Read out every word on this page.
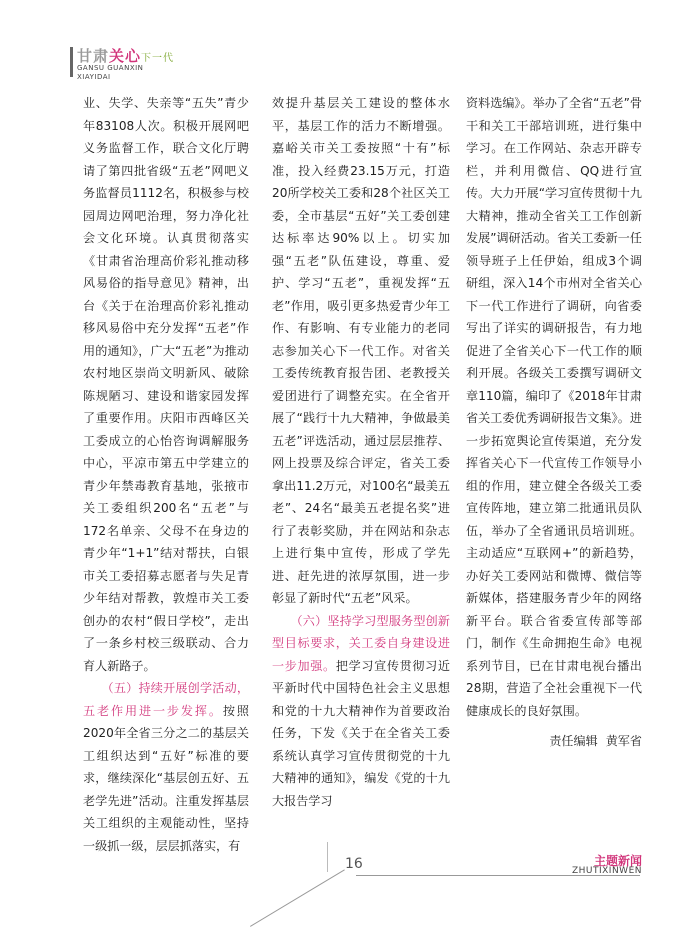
甘肃关心下一代
GANSU GUANXIN
XIAYIDAI

业、失学、失亲等“五失”青少年83108人次。积极开展网吧义务监督工作，联合文化厅聘请了第四批省级“五老”网吧义务监督员1112名，积极参与校园周边网吧治理，努力净化社会文化环境。认真贯彻落实《甘肃省治理高价彩礼推动移风易俗的指导意见》精神，出台《关于在治理高价彩礼推动移风易俗中充分发挥“五老”作用的通知》，广大“五老”为推动农村地区崇尚文明新风、破除陈规陋习、建设和谐家园发挥了重要作用。庆阳市西峰区关工委成立的心怡咨询调解服务中心，平凉市第五中学建立的青少年禁毒教育基地，张掖市关工委组织200名“五老”与172名单亲、父母不在身边的青少年“1+1”结对帮扶，白银市关工委招募志愿者与失足青少年结对帮教，敦煌市关工委创办的农村“假日学校”，走出了一条乡村校三级联动、合力育人新路子。

　　（五）持续开展创学活动，五老作用进一步发挥。按照2020年全省三分之二的基层关工组织达到“五好”标准的要求，继续深化“基层创五好、五老学先进”活动。注重发挥基层关工组织的主观能动性，坚持一级抓一级，层层抓落实，有

效提升基层关工建设的整体水平，基层工作的活力不断增强。嘉峪关市关工委按照“十有”标准，投入经费23.15万元，打造 20所学校关工委和28个社区关工委，全市基层“五好”关工委创建达标率达90%以上。切实加强“五老”队伍建设，尊重、爱护、学习“五老”，重视发挥“五老”作用，吸引更多热爱青少年工作、有影响、有专业能力的老同志参加关心下一代工作。对省关工委传统教育报告团、老教授关爱团进行了调整充实。在全省开展了“践行十九大精神，争做最美五老”评选活动，通过层层推荐、网上投票及综合评定，省关工委拿出11.2万元，对100名“最美五老”、24名“最美五老提名奖”进行了表彰奖励，并在网站和杂志上进行集中宣传，形成了学先进、赶先进的浓厚氛围，进一步彰显了新时代“五老”风采。

　　（六）坚持学习型服务型创新型目标要求，关工委自身建设进一步加强。把学习宣传贯彻习近平新时代中国特色社会主义思想和党的十九大精神作为首要政治任务，下发《关于在全省关工委系统认真学习宣传贯彻党的十九大精神的通知》，编发《党的十九大报告学习

资料选编》。举办了全省“五老”骨干和关工干部培训班，进行集中学习。在工作网站、杂志开辟专栏，并利用微信、QQ进行宣传。大力开展“学习宣传贯彻十九大精神，推动全省关工工作创新发展”调研活动。省关工委新一任领导班子上任伊始，组成3个调研组，深入14个市州对全省关心下一代工作进行了调研，向省委写出了详实的调研报告，有力地促进了全省关心下一代工作的顺利开展。各级关工委撰写调研文章110篇，编印了《2018年甘肃省关工委优秀调研报告文集》。进一步拓宽舆论宣传渠道，充分发挥省关心下一代宣传工作领导小组的作用，建立健全各级关工委宣传阵地，建立第二批通讯员队伍，举办了全省通讯员培训班。主动适应“互联网+”的新趋势，办好关工委网站和微博、微信等新媒体，搭建服务青少年的网络新平台。联合省委宣传部等部门，制作《生命拥抱生命》电视系列节目，已在甘肃电视台播出28期，营造了全社会重视下一代健康成长的良好氛围。

责任编辑 黄军省

16	主题新闻
ZHUTIXINWEN
